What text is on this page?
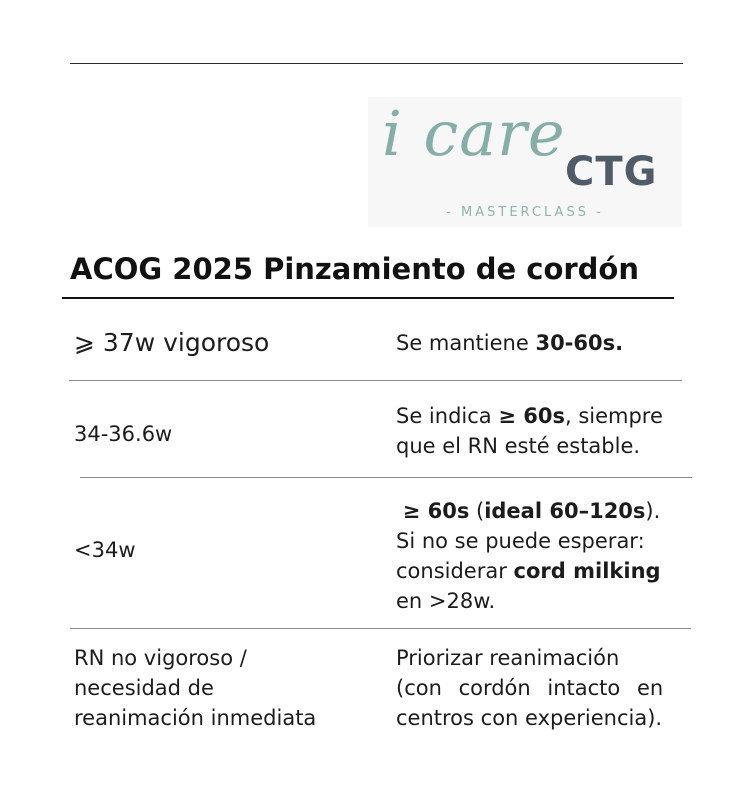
i care
CTG
- MASTERCLASS -
ACOG 2025 Pinzamiento de cordón
⩾ 37w vigoroso	Se mantiene 30-60s.
34-36.6w
Se indica ≥ 60s, siempre
que el RN esté estable.
<34w
≥ 60s (ideal 60–120s).
Si no se puede esperar:
considerar cord milking
en >28w.
RN no vigoroso /
necesidad de
reanimación inmediata
Priorizar reanimación
(con cordón intacto en
centros con experiencia).
